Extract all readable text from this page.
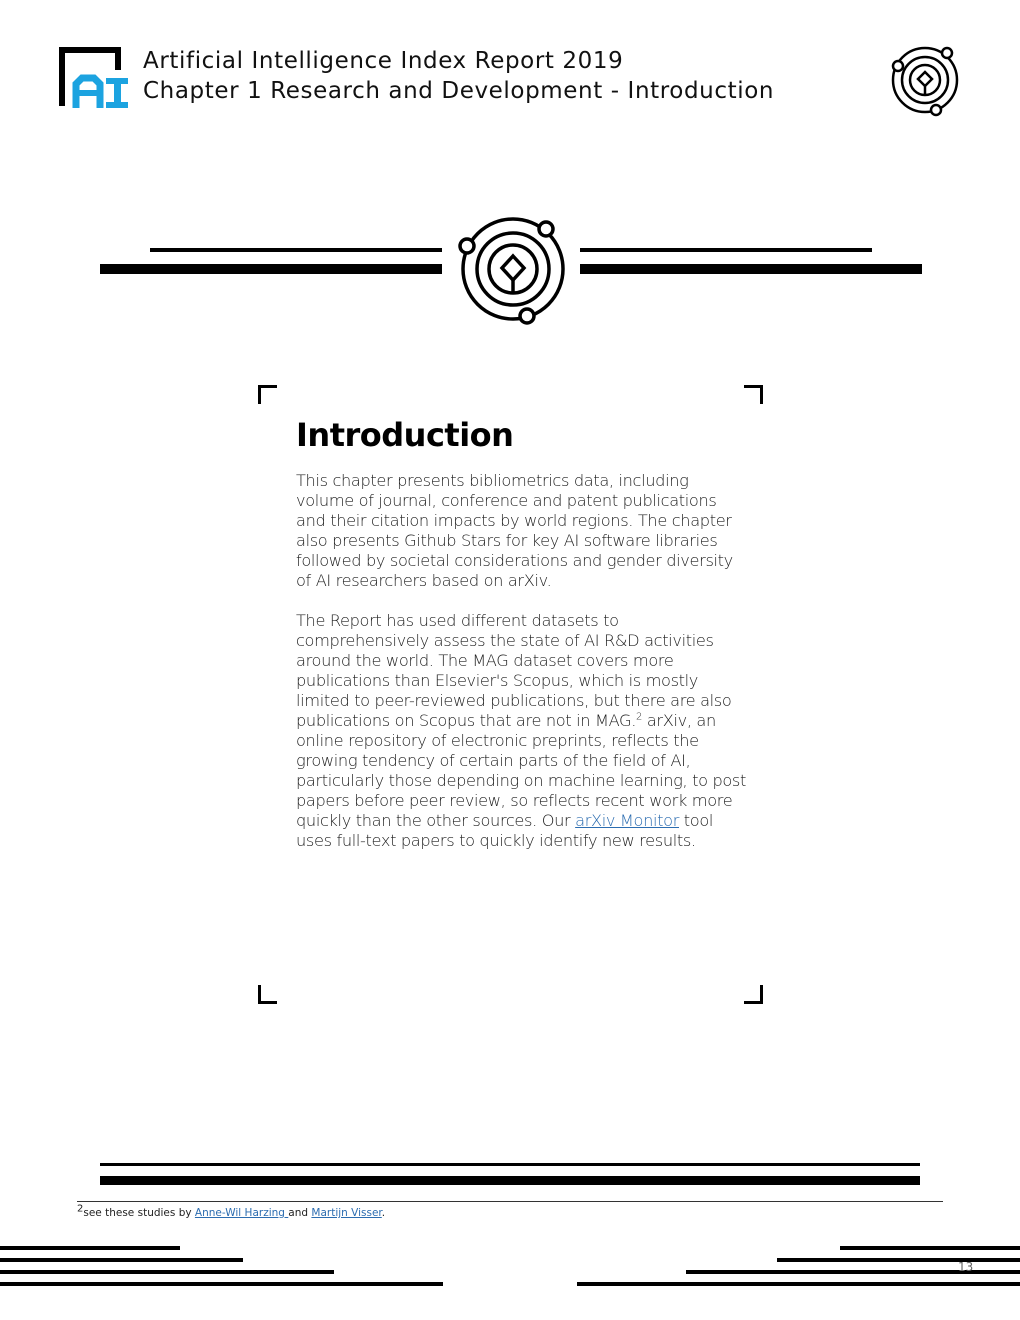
Artificial Intelligence Index Report 2019
Chapter 1 Research and Development - Introduction
Introduction

This chapter presents bibliometrics data, including volume of journal, conference and patent publications and their citation impacts by world regions. The chapter also presents Github Stars for key AI software libraries followed by societal considerations and gender diversity of AI researchers based on arXiv.

The Report has used different datasets to comprehensively assess the state of AI R&D activities around the world. The MAG dataset covers more publications than Elsevier's Scopus, which is mostly limited to peer-reviewed publications, but there are also publications on Scopus that are not in MAG.$^2$ arXiv, an online repository of electronic preprints, reflects the growing tendency of certain parts of the field of AI, particularly those depending on machine learning, to post papers before peer review, so reflects recent work more quickly than the other sources. Our arXiv Monitor tool uses full-text papers to quickly identify new results.

$^2$see these studies by Anne-Wil Harzing and Martijn Visser.
13
